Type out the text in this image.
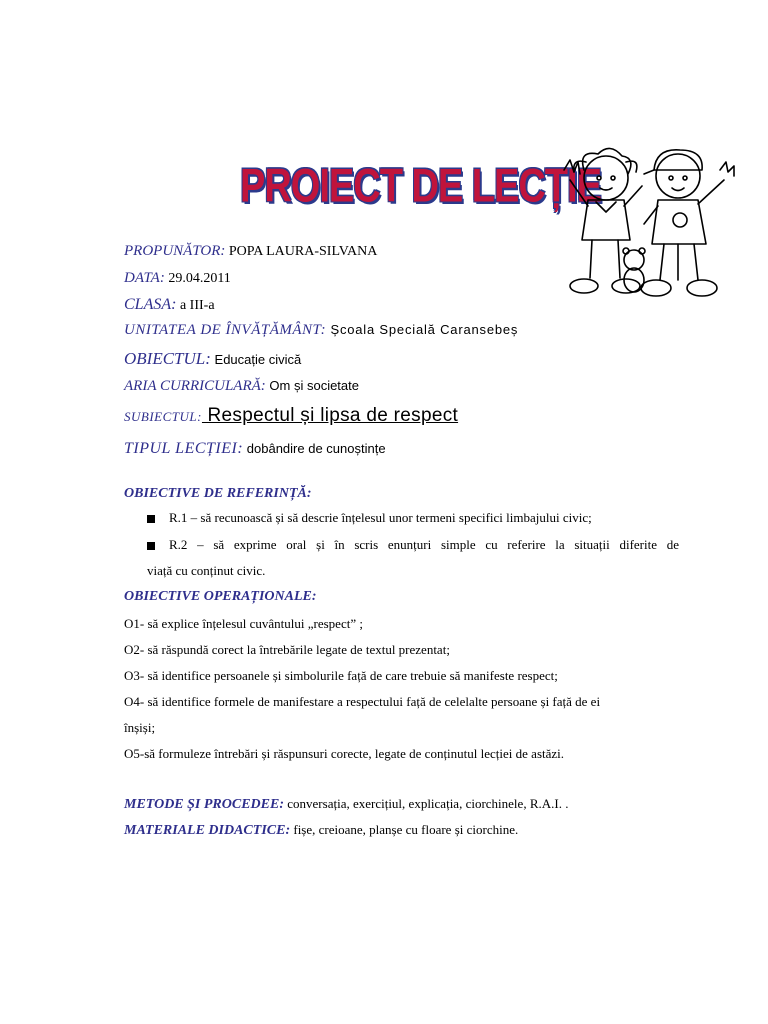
PROIECT DE LECȚIE
PROPUNĂTOR: POPA LAURA-SILVANA
DATA: 29.04.2011
CLASA: a III-a
UNITATEA DE ÎNVĂȚĂMÂNT: Școala Specială Caransebeș
OBIECTUL: Educație civică
ARIA CURRICULARĂ: Om și societate
SUBIECTUL: Respectul și lipsa de respect
TIPUL LECȚIEI: dobândire de cunoștințe
OBIECTIVE DE REFERINȚĂ:
R.1 – să recunoască și să descrie înțelesul unor termeni specifici limbajului civic;
R.2 – să exprime oral și în scris enunțuri simple cu referire la situații diferite de
viață cu conținut civic.
OBIECTIVE OPERAȚIONALE:
O1- să explice înțelesul cuvântului „respect” ;
O2- să răspundă corect la întrebările legate de textul prezentat;
O3- să identifice persoanele și simbolurile față de care trebuie să manifeste respect;
O4- să identifice formele de manifestare a respectului față de celelalte persoane și față de ei
înșiși;
O5-să formuleze întrebări și răspunsuri corecte, legate de conținutul lecției de astăzi.
METODE ȘI PROCEDEE: conversația, exercițiul, explicația, ciorchinele, R.A.I. .
MATERIALE DIDACTICE: fișe, creioane, planșe cu floare și ciorchine.
